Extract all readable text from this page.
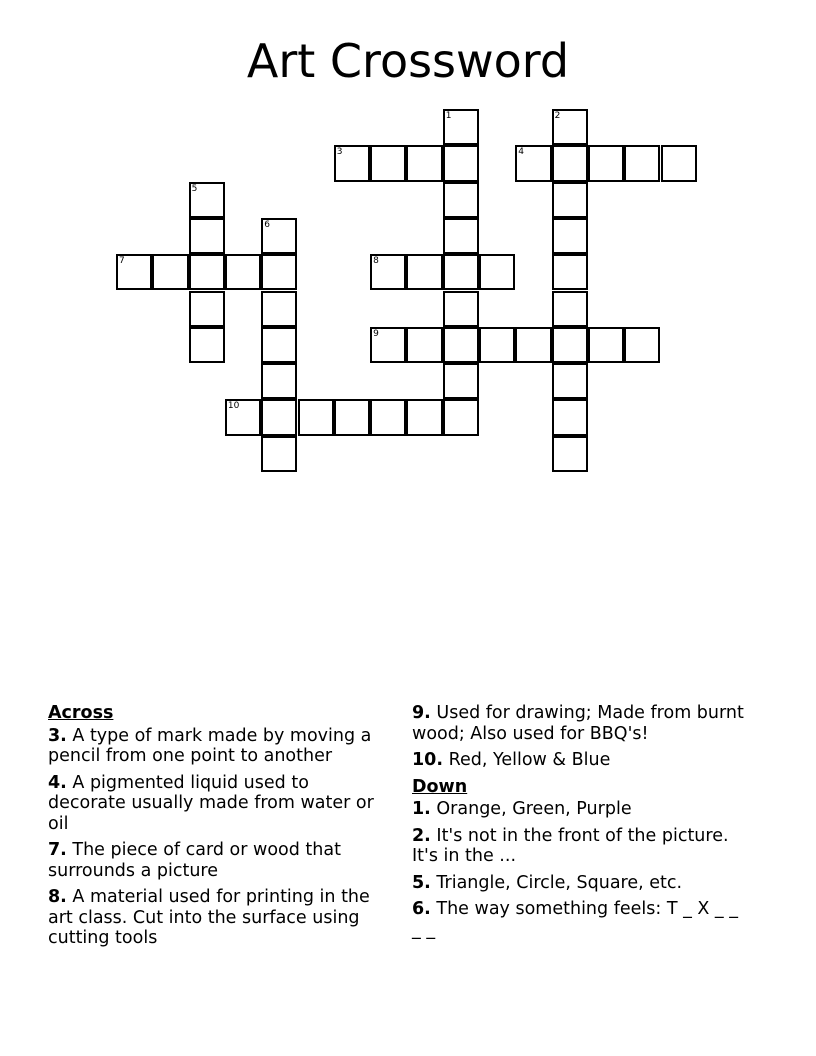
Art Crossword
1	2
3	4
5
6
7	8
9
10
Across
3. A type of mark made by moving a pencil from one point to another
4. A pigmented liquid used to decorate usually made from water or oil
7. The piece of card or wood that surrounds a picture
8. A material used for printing in the art class. Cut into the surface using cutting tools
9. Used for drawing; Made from burnt wood; Also used for BBQ's!
10. Red, Yellow & Blue
Down
1. Orange, Green, Purple
2. It's not in the front of the picture. It's in the ...
5. Triangle, Circle, Square, etc.
6. The way something feels: T _ X _ _ _ _
